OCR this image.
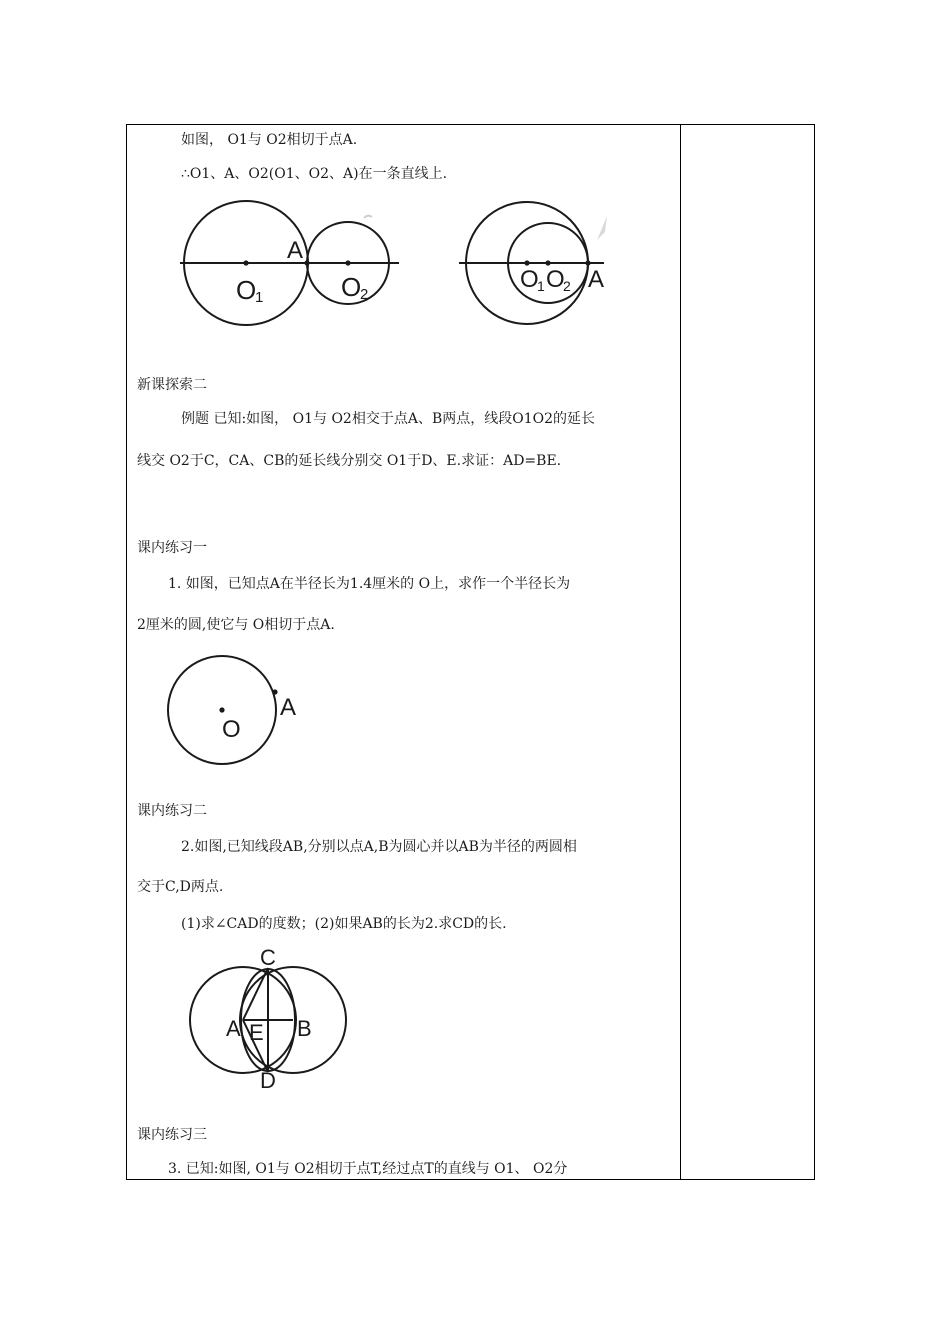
如图， O1与 O2相切于点A.
∴O1、A、O2(O1、O2、A)在一条直线上.
新课探索二
例题 已知:如图， O1与 O2相交于点A、B两点，线段O1O2的延长
线交 O2于C，CA、CB的延长线分别交 O1于D、E.求证：AD=BE.
课内练习一
1. 如图，已知点A在半径长为1.4厘米的 O上，求作一个半径长为
2厘米的圆,使它与 O相切于点A.
课内练习二
2.如图,已知线段AB,分别以点A,B为圆心并以AB为半径的两圆相
交于C,D两点.
(1)求∠CAD的度数；(2)如果AB的长为2.求CD的长.
课内练习三
3. 已知:如图, O1与 O2相切于点T,经过点T的直线与 O1、 O2分
A
O
1	O
2
O
1 O
2 A
A
O
C
A E B
D
